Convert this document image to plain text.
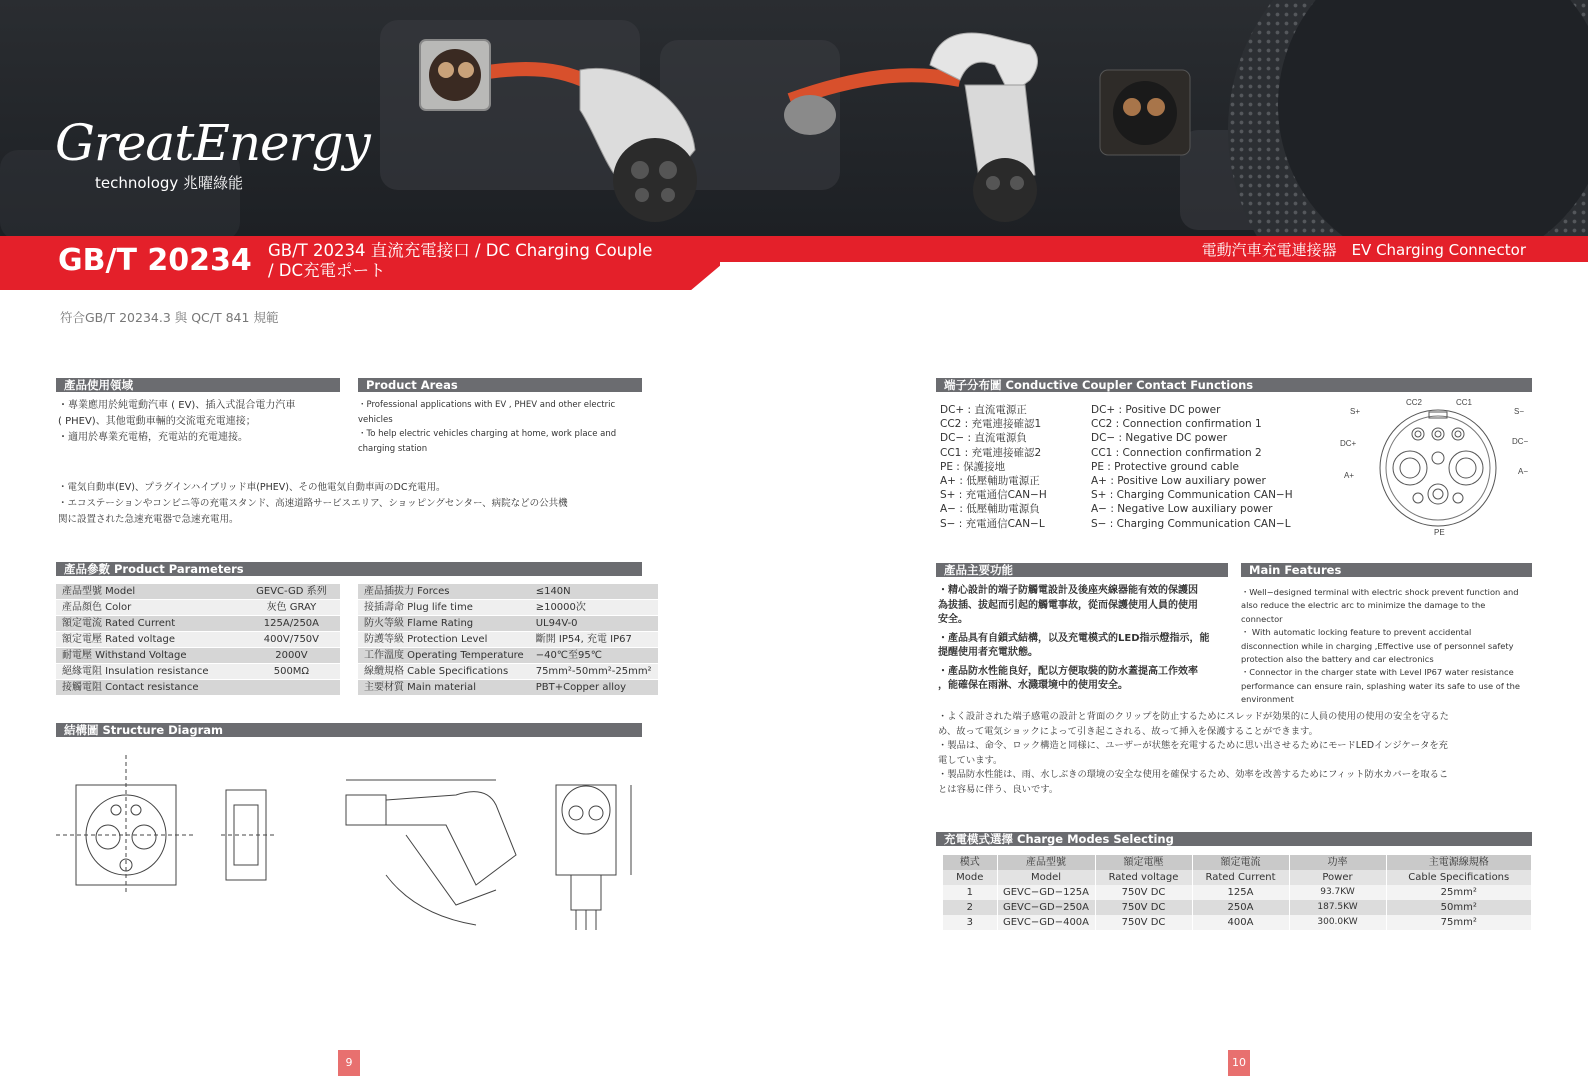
GreatEnergy
technology 兆曜綠能
GB/T 20234 GB/T 20234 直流充電接口 / DC Charging Couple
/ DC充電ポート
電動汽車充電連接器　EV Charging Connector
符合GB/T 20234.3 與 QC/T 841 規範
產品使用領域	Product Areas
・專業應用於純電動汽車 ( EV)、插入式混合電力汽車
( PHEV)、其他電動車輛的交流電充電連接；
・適用於專業充電樁，充電站的充電連接。
・Professional applications with EV , PHEV and other electric
vehicles
・To help electric vehicles charging at home, work place and
charging station
・電気自動車(EV)、プラグインハイブリッド車(PHEV)、その他電気自動車両のDC充電用。
・エコステーションやコンビニ等の充電スタンド、高速道路サービスエリア、ショッピングセンター、病院などの公共機
関に設置された急速充電器で急速充電用。
產品參數 Product Parameters
產品型號 Model	GEVC-GD 系列
產品顏色 Color	灰色 GRAY
額定電流 Rated Current	125A/250A
額定電壓 Rated voltage	400V/750V
耐電壓 Withstand Voltage	2000V
絕緣電阻 Insulation resistance	500MΩ
接觸電阻 Contact resistance	
產品插拔力 Forces	≤140N
接插壽命 Plug life time	≥10000次
防火等級 Flame Rating	UL94V-0
防護等級 Protection Level	斷開 IP54, 充電 IP67
工作溫度 Operating Temperature	−40℃至95℃
線纜規格 Cable Specifications	75mm²-50mm²-25mm²
主要材質 Main material	PBT+Copper alloy
結構圖 Structure Diagram
端子分布圖 Conductive Coupler Contact Functions
DC+ : 直流電源正
CC2 : 充電連接確認1
DC− : 直流電源負
CC1 : 充電連接確認2
PE : 保護接地
A+ : 低壓輔助電源正
S+ : 充電通信CAN−H
A− : 低壓輔助電源負
S− : 充電通信CAN−L
DC+ : Positive DC power
CC2 : Connection confirmation 1
DC− : Negative DC power
CC1 : Connection confirmation 2
PE : Protective ground cable
A+ : Positive Low auxiliary power
S+ : Charging Communication CAN−H
A− : Negative Low auxiliary power
S− : Charging Communication CAN−L
CC2	CC1
S+	S−
DC+	DC−
A+	A−
PE
產品主要功能	Main Features
・精心設計的端子防觸電設計及後座夾線器能有效的保護因
為拔插、拔起而引起的觸電事故，從而保護使用人員的使用
安全。
・產品具有自鎖式結構，以及充電模式的LED指示燈指示，能
提醒使用者充電狀態。
・產品防水性能良好，配以方便取裝的防水蓋提高工作效率
，能確保在雨淋、水濺環境中的使用安全。
・Well−designed terminal with electric shock prevent function and
also reduce the electric arc to minimize the damage to the
connector
・ With automatic locking feature to prevent accidental
disconnection while in charging ,Effective use of personnel safety
protection also the battery and car electronics
・Connector in the charger state with Level IP67 water resistance
performance can ensure rain, splashing water its safe to use of the
environment
・よく設計された端子感電の設計と背面のクリップを防止するためにスレッドが効果的に人員の使用の使用の安全を守るた
め、故って電気ショックによって引き起こされる、故って挿入を保護することができます。
・製品は、命令、ロック構造と同様に、ユーザーが状態を充電するために思い出させるためにモードLEDインジケータを充
電しています。
・製品防水性能は、雨、水しぶきの環境の安全な使用を確保するため、効率を改善するためにフィット防水カバーを取るこ
とは容易に伴う、良いです。
充電模式選擇 Charge Modes Selecting
模式	產品型號	額定電壓	額定電流	功率	主電源線規格
Mode	Model	Rated voltage	Rated Current	Power	Cable Specifications
1	GEVC−GD−125A	750V DC	125A	93.7KW	25mm²
2	GEVC−GD−250A	750V DC	250A	187.5KW	50mm²
3	GEVC−GD−400A	750V DC	400A	300.0KW	75mm²
9	10
